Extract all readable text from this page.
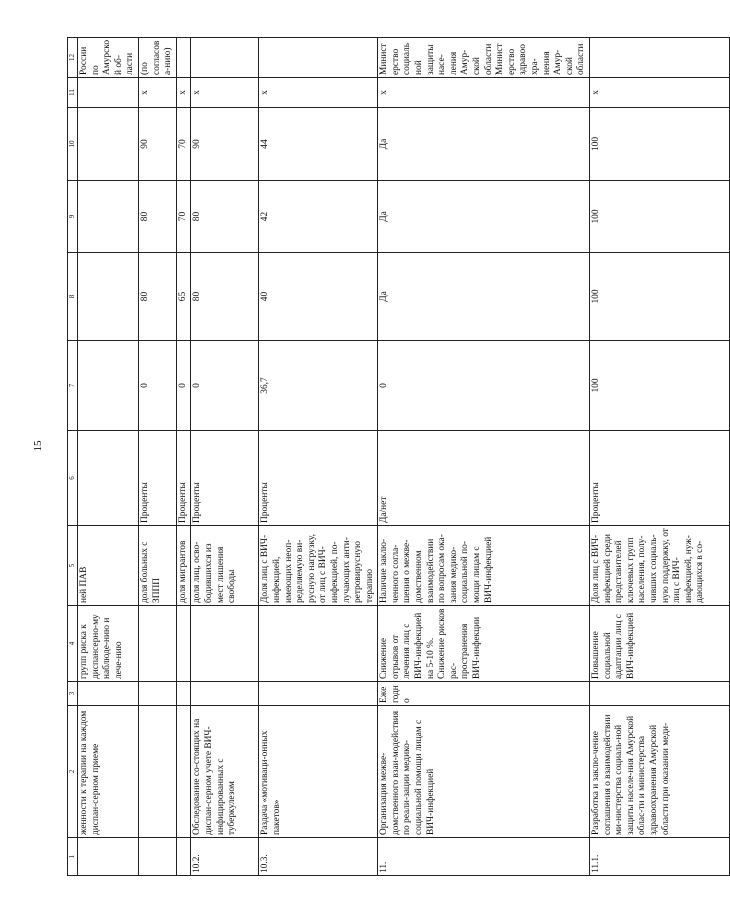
15
1	2	3	4	5	6	7	8	9	10	11	12
	женности к терапии на каждом диспан-серном приеме		групп риска к диспансерно-му наблюде-нию и лече-нию	ней ПАВ							России по Амурской об-ласти
				доля больных с ЗППП	Проценты	0	80	80	90	х	(по согласова-нию)
				доля мигрантов	Проценты	0	65	70	70	х	
10.2.	Обследование со-стоящих на диспан-серном учете ВИЧ-инфицированных с туберкулезом			доля лиц, осво-бодившихся из мест лишения свободы	Проценты	0	80	80	90	х	
10.3.	Раздача «мотиваци-онных пакетов»			Доля лиц с ВИЧ-инфекцией, имеющих неоп-ределяемую ви-русную нагрузку, от лиц с ВИЧ-инфекцией, по-лучающих анти-ретровирусную терапию	Проценты	36,7	40	42	44	х	
11.	Организация межве-домственного взаи-модействия по реали-зации медико-социальной помощи лицам с ВИЧ-инфекцией	Ежегодно	Снижение отрывов от лечения лиц с ВИЧ-инфекцией на 5-10 %. Снижение рисков рас-пространения ВИЧ-инфекции	Наличие заклю-ченного согла-шения о межве-домственном взаимодействии по вопросам ока-зания медико-социальной по-мощи лицам с ВИЧ-инфекцией	Да/нет	0	Да	Да	Да	х	Министерство социальной защиты насе-ления Амур-ской области Министерство здравоохра-нения Амур-ской области
11.1.	Разработка и заклю-чение соглашения о взаимодействии ми-нистерства социаль-ной защиты населе-ния Амурской облас-ти и министерства здравоохранения Амурской области при оказании меди-		Повышение социальной адаптации лиц с ВИЧ-инфекцией	Доля лиц с ВИЧ-инфекцией среди представителей ключевых групп населения, полу-чивших социаль-ную поддержку, от лиц с ВИЧ-инфекцией, нуж-дающихся в со-	Проценты	100	100	100	100	х	
